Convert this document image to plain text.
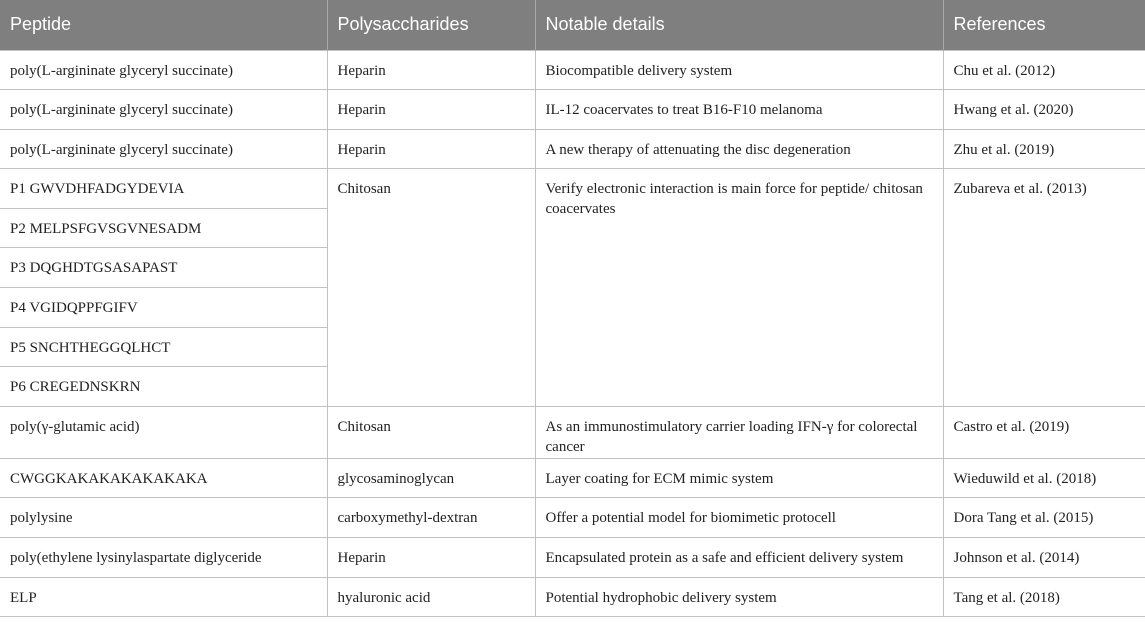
Peptide	Polysaccharides	Notable details	References
poly(L-argininate glyceryl succinate)	Heparin	Biocompatible delivery system	Chu et al. (2012)
poly(L-argininate glyceryl succinate)	Heparin	IL-12 coacervates to treat B16-F10 melanoma	Hwang et al. (2020)
poly(L-argininate glyceryl succinate)	Heparin	A new therapy of attenuating the disc degeneration	Zhu et al. (2019)
P1 GWVDHFADGYDEVIA	Chitosan	Verify electronic interaction is main force for peptide/ chitosan coacervates	Zubareva et al. (2013)
P2 MELPSFGVSGVNESADM			
P3 DQGHDTGSASAPAST			
P4 VGIDQPPFGIFV			
P5 SNCHTHEGGQLHCT			
P6 CREGEDNSKRN			
poly(γ-glutamic acid)	Chitosan	As an immunostimulatory carrier loading IFN-γ for colorectal cancer	Castro et al. (2019)
CWGGKAKAKAKAKAKAKA	glycosaminoglycan	Layer coating for ECM mimic system	Wieduwild et al. (2018)
polylysine	carboxymethyl-dextran	Offer a potential model for biomimetic protocell	Dora Tang et al. (2015)
poly(ethylene lysinylaspartate diglyceride	Heparin	Encapsulated protein as a safe and efficient delivery system	Johnson et al. (2014)
ELP	hyaluronic acid	Potential hydrophobic delivery system	Tang et al. (2018)
